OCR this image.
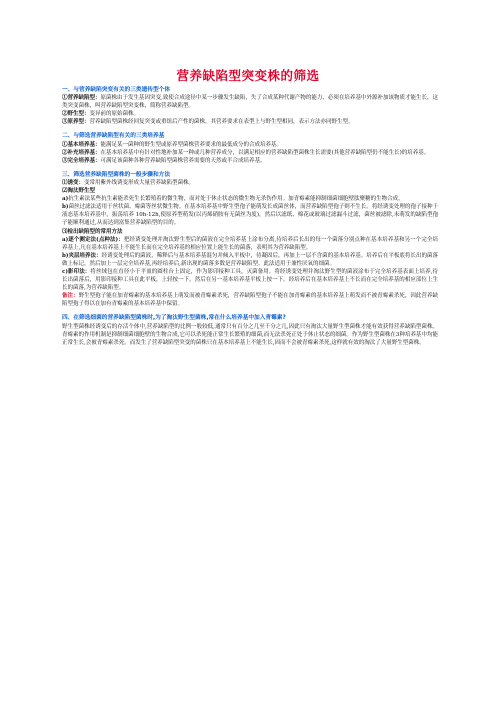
营养缺陷型突变株的筛选
一、与营养缺陷突变有关的三类遗传型个体

①营养缺陷型：原菌株由于发生基因突变,致使合成途径中某一步骤发生缺陷，失了合成某种代谢产物的能力，必须在培养基中外源补加该物质才能生长，这类突变菌株，叫营养缺陷型突变株，简称营养缺陷型。

②野生型：变异前的原始菌株。

③原养型：营养缺陷型菌株经回复突变或重组后产性的菌株，其营养要求在表型上与野生型相同，表示方法亦同野生型。

二、与筛选营养缺陷型有关的三类培养基

①基本培养基：能满足某一菌种的野生型或原养型菌株营养要求的最低成分的合成培养基。

②补充培养基：在基本培养基中有针对性地补加某一种或几种营养成分，以满足相应的营养缺陷型菌株生长需要(其他营养缺陷型仍不能生长)的培养基。

③完全培养基：可满足该菌种各种营养缺陷型菌株营养需要的天然或半合成培养基。

三、筛选营养缺陷型菌株的一般步骤和方法

⑴诱变：变常用紫外线诱变形成大量营养缺陷型菌株。

⑵淘汰野生型

a)抗生素法某些抗生素能杀死生长繁殖着的微生物，而对处于休止状态的微生物无杀伤作用。加青霉素能抑制细菌细胞壁肽聚糖的生物合成。

b)菌丝过滤法适用于丝状菌、霉菌等丝状微生物。在基本培养基中野生型孢子能萌发长成菌丝体，而营养缺陷型孢子则不生长。将经诱变处理的孢子接种于液态基本培养基中，振荡培养 10h-12h,使原养型萌发(以丙烯硝胺有无菌丝为度)，然后以滤纸、棉花或玻璃过滤漏斗过滤，菌丝被滤除,未萌发的缺陷型孢子能顺利通过,从而达到富集营养缺陷型的目的。

⑶检出缺陷型的常用方法

a)逐个测定法(点种法)：把经诱变处理并淘汰野生型后的菌液在完全培养基上涂布分离,待培养后长出的每一个菌落分别点种在基本培养基和另一个完全培养基上,凡在基本培养基上不能生长而在完全培养基的相应位置上能生长的菌落，表明其为营养缺陷型。

b)夹层培养法：经诱变处理后的菌液，稀释后与基本培养基混匀并倾入平板中，待凝固后，再加上一层不含菌的基本培养基。培养后在平板底将长出的菌落做上标记。然后加上一层完全培养基,再经培养后,新出现的菌落多数是营养缺陷型。此法适用于兼性厌氧的细菌。

c)影印法：将丝绒包在直径小于平皿的圆柱台上固定，作为影印接种工具，灭菌备用。将经诱变处理并淘汰野生型的菌液涂布于完全培养基表面上培养,待长出菌落后，用影印接种工具在此平板，上轻按一下，然后在另一基本培养基平板上按一下。经培养后在基本培养基上不长而在完全培养基的相应部位上生长的菌落,为营养缺陷型。

备注：野生型孢子能在加青霉素的基本培养基上萌发而被青霉素杀死，营养缺陷型孢子不能在加青霉素的基本培养基上萌发而不被青霉素杀死，因此营养缺陷型孢子得以在加有青霉素的基本培养基中保留。

四、在筛选细菌的营养缺陷型菌株时,为了淘汰野生型菌株,常在什么培养基中加入青霉素?

野生型菌株经诱变后的存活个体中,营养缺陷型的比例一般较低,通常只有百分之几至千分之几,因此只有淘汰大量野生型菌株才能有效获得营养缺陷型菌株。青霉素的作用机制是抑制细菌细胞壁的生物合成,它可以杀死能正常生长繁殖的细菌,而无法杀死正处于休止状态的细菌。作为野生型菌株在3种培养基中均能正常生长,会被青霉素杀死。而发生了营养缺陷型突变的菌株只在基本培养基上不能生长,因而不会被青霉素杀死,这样就有效的淘汰了大量野生型菌株。
